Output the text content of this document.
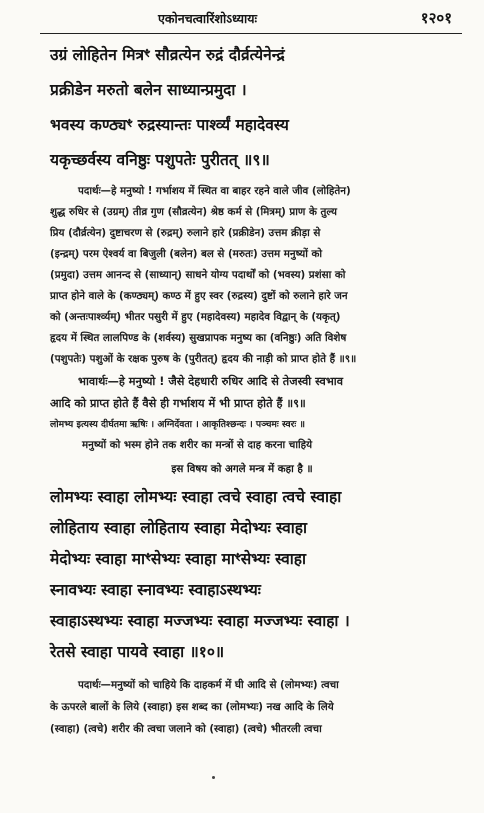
एकोनचत्वारिंशोऽध्यायः	१२०१
उग्रं लोहितेन मित्रꣳ सौव्रत्येन रुद्रं दौर्व्रत्येनेन्द्रं
प्रक्रीडेन मरुतो बलेन साध्यान्प्रमुदा ।
भवस्य कण्ठ्यꣳ रुद्रस्यान्तः पार्श्व्यं महादेवस्य
यकृच्छर्वस्य वनिष्ठुः पशुपतेः पुरीतत् ॥९॥
पदार्थः—हे मनुष्यो ! गर्भाशय में स्थित वा बाहर रहने वाले जीव (लोहितेन)
शुद्ध रुधिर से (उग्रम्) तीव्र गुण (सौव्रत्येन) श्रेष्ठ कर्म से (मित्रम्) प्राण के तुल्य
प्रिय (दौर्व्रत्येन) दुष्टाचरण से (रुद्रम्) रुलाने हारे (प्रक्रीडेन) उत्तम क्रीड़ा से
(इन्द्रम्) परम ऐश्वर्य वा बिजुली (बलेन) बल से (मरुतः) उत्तम मनुष्यों को
(प्रमुदा) उत्तम आनन्द से (साध्यान्) साधने योग्य पदार्थों को (भवस्य) प्रशंसा को
प्राप्त होने वाले के (कण्ठ्यम्) कण्ठ में हुए स्वर (रुद्रस्य) दुष्टों को रुलाने हारे जन
को (अन्तःपार्श्व्यम्) भीतर पसुरी में हुए (महादेवस्य) महादेव विद्वान् के (यकृत्)
हृदय में स्थित लालपिण्ड के (शर्वस्य) सुखप्रापक मनुष्य का (वनिष्ठुः) अति विशेष
(पशुपतेः) पशुओं के रक्षक पुरुष के (पुरीतत्) हृदय की नाड़ी को प्राप्त होते हैं ॥९॥
भावार्थः—हे मनुष्यो ! जैसे देहधारी रुधिर आदि से तेजस्वी स्वभाव
आदि को प्राप्त होते हैं वैसे ही गर्भाशय में भी प्राप्त होते हैं ॥९॥
लोमभ्य इत्यस्य दीर्घतमा ऋषिः । अग्निर्देवता । आकृतिश्छन्दः । पञ्चमः स्वरः ॥
मनुष्यों को भस्म होने तक शरीर का मन्त्रों से दाह करना चाहिये
इस विषय को अगले मन्त्र में कहा है ॥
लोमभ्यः स्वाहा लोमभ्यः स्वाहा त्वचे स्वाहा त्वचे स्वाहा
लोहिताय स्वाहा लोहिताय स्वाहा मेदोभ्यः स्वाहा
मेदोभ्यः स्वाहा माꣳसेभ्यः स्वाहा माꣳसेभ्यः स्वाहा
स्नावभ्यः स्वाहा स्नावभ्यः स्वाहाऽस्थभ्यः
स्वाहाऽस्थभ्यः स्वाहा मज्जभ्यः स्वाहा मज्जभ्यः स्वाहा ।
रेतसे स्वाहा पायवे स्वाहा ॥१०॥
पदार्थः—मनुष्यों को चाहिये कि दाहकर्म में घी आदि से (लोमभ्यः) त्वचा
के ऊपरले बालों के लिये (स्वाहा) इस शब्द का (लोमभ्यः) नख आदि के लिये
(स्वाहा) (त्वचे) शरीर की त्वचा जलाने को (स्वाहा) (त्वचे) भीतरली त्वचा
